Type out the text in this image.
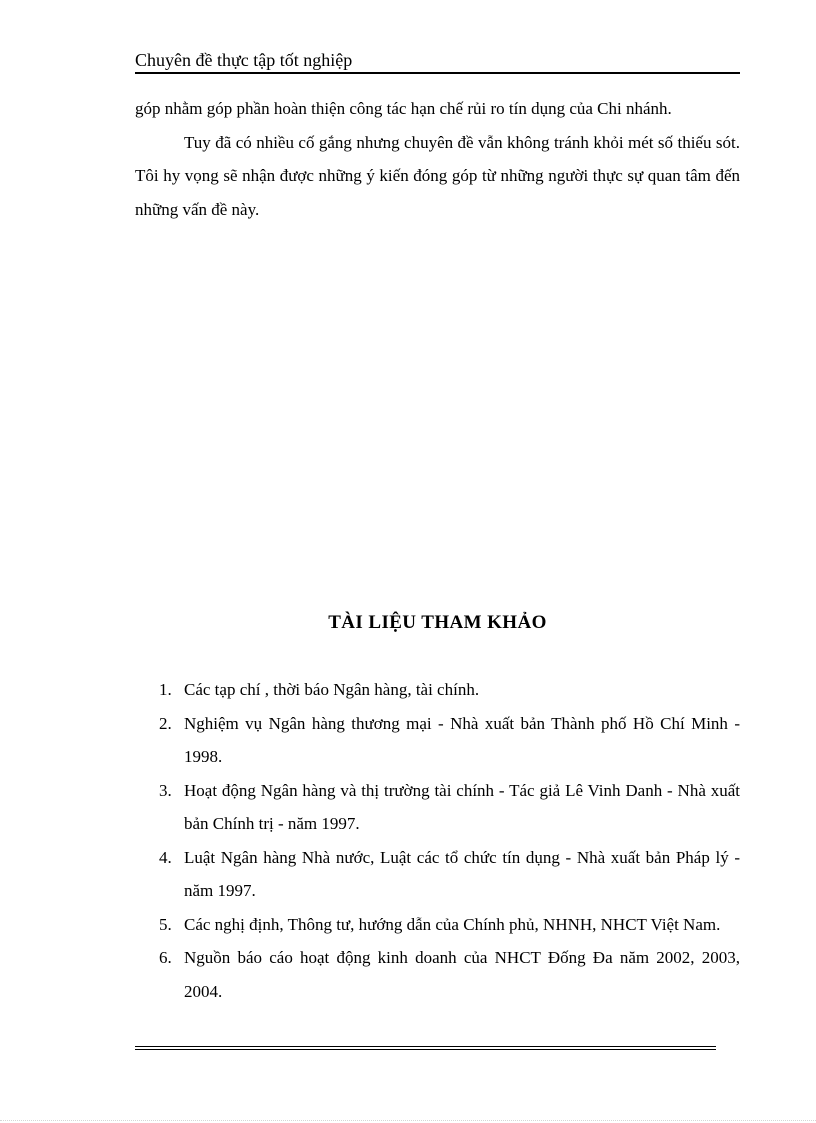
Chuyên đề thực tập tốt nghiệp

góp nhằm góp phần hoàn thiện công tác hạn chế rủi ro tín dụng của Chi nhánh.

Tuy đã có nhiều cố gắng nhưng chuyên đề vẫn không tránh khỏi mét số thiếu sót. Tôi hy vọng sẽ nhận được những ý kiến đóng góp từ những người thực sự quan tâm đến những vấn đề này.

TÀI LIỆU THAM KHẢO
1. Các tạp chí , thời báo Ngân hàng, tài chính.
2. Nghiệm vụ Ngân hàng thương mại - Nhà xuất bản Thành phố Hồ Chí Minh - 1998.
3. Hoạt động Ngân hàng và thị trường tài chính - Tác giả Lê Vinh Danh - Nhà xuất bản Chính trị - năm 1997.
4. Luật Ngân hàng Nhà nước, Luật các tổ chức tín dụng - Nhà xuất bản Pháp lý - năm 1997.
5. Các nghị định, Thông tư, hướng dẫn của Chính phủ, NHNH, NHCT Việt Nam.
6. Nguồn báo cáo hoạt động kinh doanh của NHCT Đống Đa năm 2002, 2003, 2004.
